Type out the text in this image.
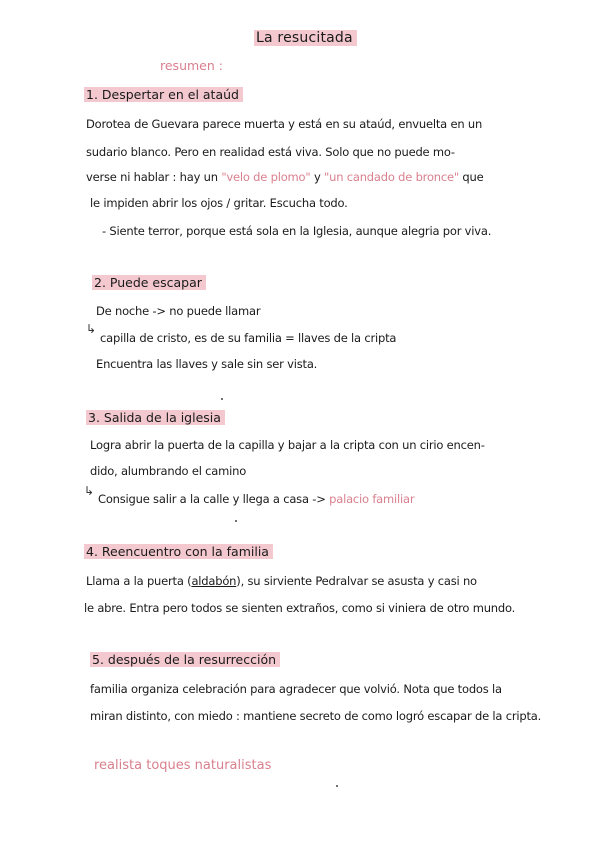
La resucitada
resumen :
1. Despertar en el ataúd
Dorotea de Guevara parece muerta y está en su ataúd, envuelta en un
sudario blanco. Pero en realidad está viva. Solo que no puede mo-
verse ni hablar : hay un "velo de plomo" y "un candado de bronce" que
le impiden abrir los ojos / gritar. Escucha todo.
- Siente terror, porque está sola en la Iglesia, aunque alegria por viva.
2. Puede escapar
De noche -> no puede llamar
↳
capilla de cristo, es de su familia = llaves de la cripta
Encuentra las llaves y sale sin ser vista.
3. Salida de la iglesia
Logra abrir la puerta de la capilla y bajar a la cripta con un cirio encen-
dido, alumbrando el camino
↳
Consigue salir a la calle y llega a casa -> palacio familiar
4. Reencuentro con la familia
Llama a la puerta (aldabón), su sirviente Pedralvar se asusta y casi no
le abre. Entra pero todos se sienten extraños, como si viniera de otro mundo.
5. después de la resurrección
familia organiza celebración para agradecer que volvió. Nota que todos la
miran distinto, con miedo : mantiene secreto de como logró escapar de la cripta.
realista toques naturalistas
